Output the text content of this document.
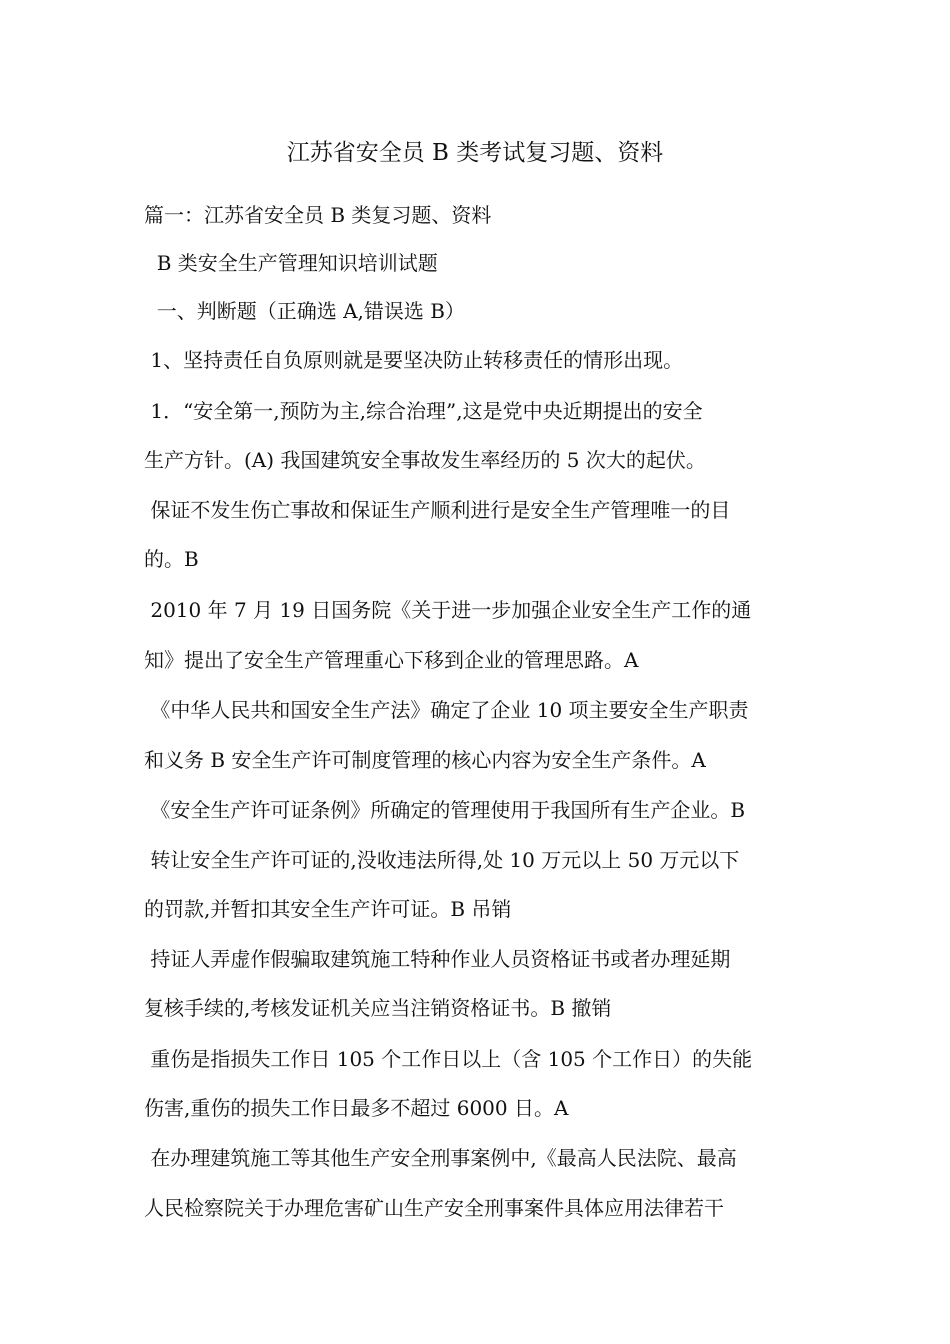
江苏省安全员 B 类考试复习题、资料
篇一：江苏省安全员 B 类复习题、资料
B 类安全生产管理知识培训试题
一、判断题（正确选 A,错误选 B）
1、坚持责任自负原则就是要坚决防止转移责任的情形出现。
1．“安全第一,预防为主,综合治理”,这是党中央近期提出的安全
生产方针。(A) 我国建筑安全事故发生率经历的 5 次大的起伏。
保证不发生伤亡事故和保证生产顺利进行是安全生产管理唯一的目
的。B
2010 年 7 月 19 日国务院《关于进一步加强企业安全生产工作的通
知》提出了安全生产管理重心下移到企业的管理思路。A
《中华人民共和国安全生产法》确定了企业 10 项主要安全生产职责
和义务 B 安全生产许可制度管理的核心内容为安全生产条件。A
《安全生产许可证条例》所确定的管理使用于我国所有生产企业。B
转让安全生产许可证的,没收违法所得,处 10 万元以上 50 万元以下
的罚款,并暂扣其安全生产许可证。B 吊销
持证人弄虚作假骗取建筑施工特种作业人员资格证书或者办理延期
复核手续的,考核发证机关应当注销资格证书。B 撤销
重伤是指损失工作日 105 个工作日以上（含 105 个工作日）的失能
伤害,重伤的损失工作日最多不超过 6000 日。A
在办理建筑施工等其他生产安全刑事案例中,《最高人民法院、最高
人民检察院关于办理危害矿山生产安全刑事案件具体应用法律若干
